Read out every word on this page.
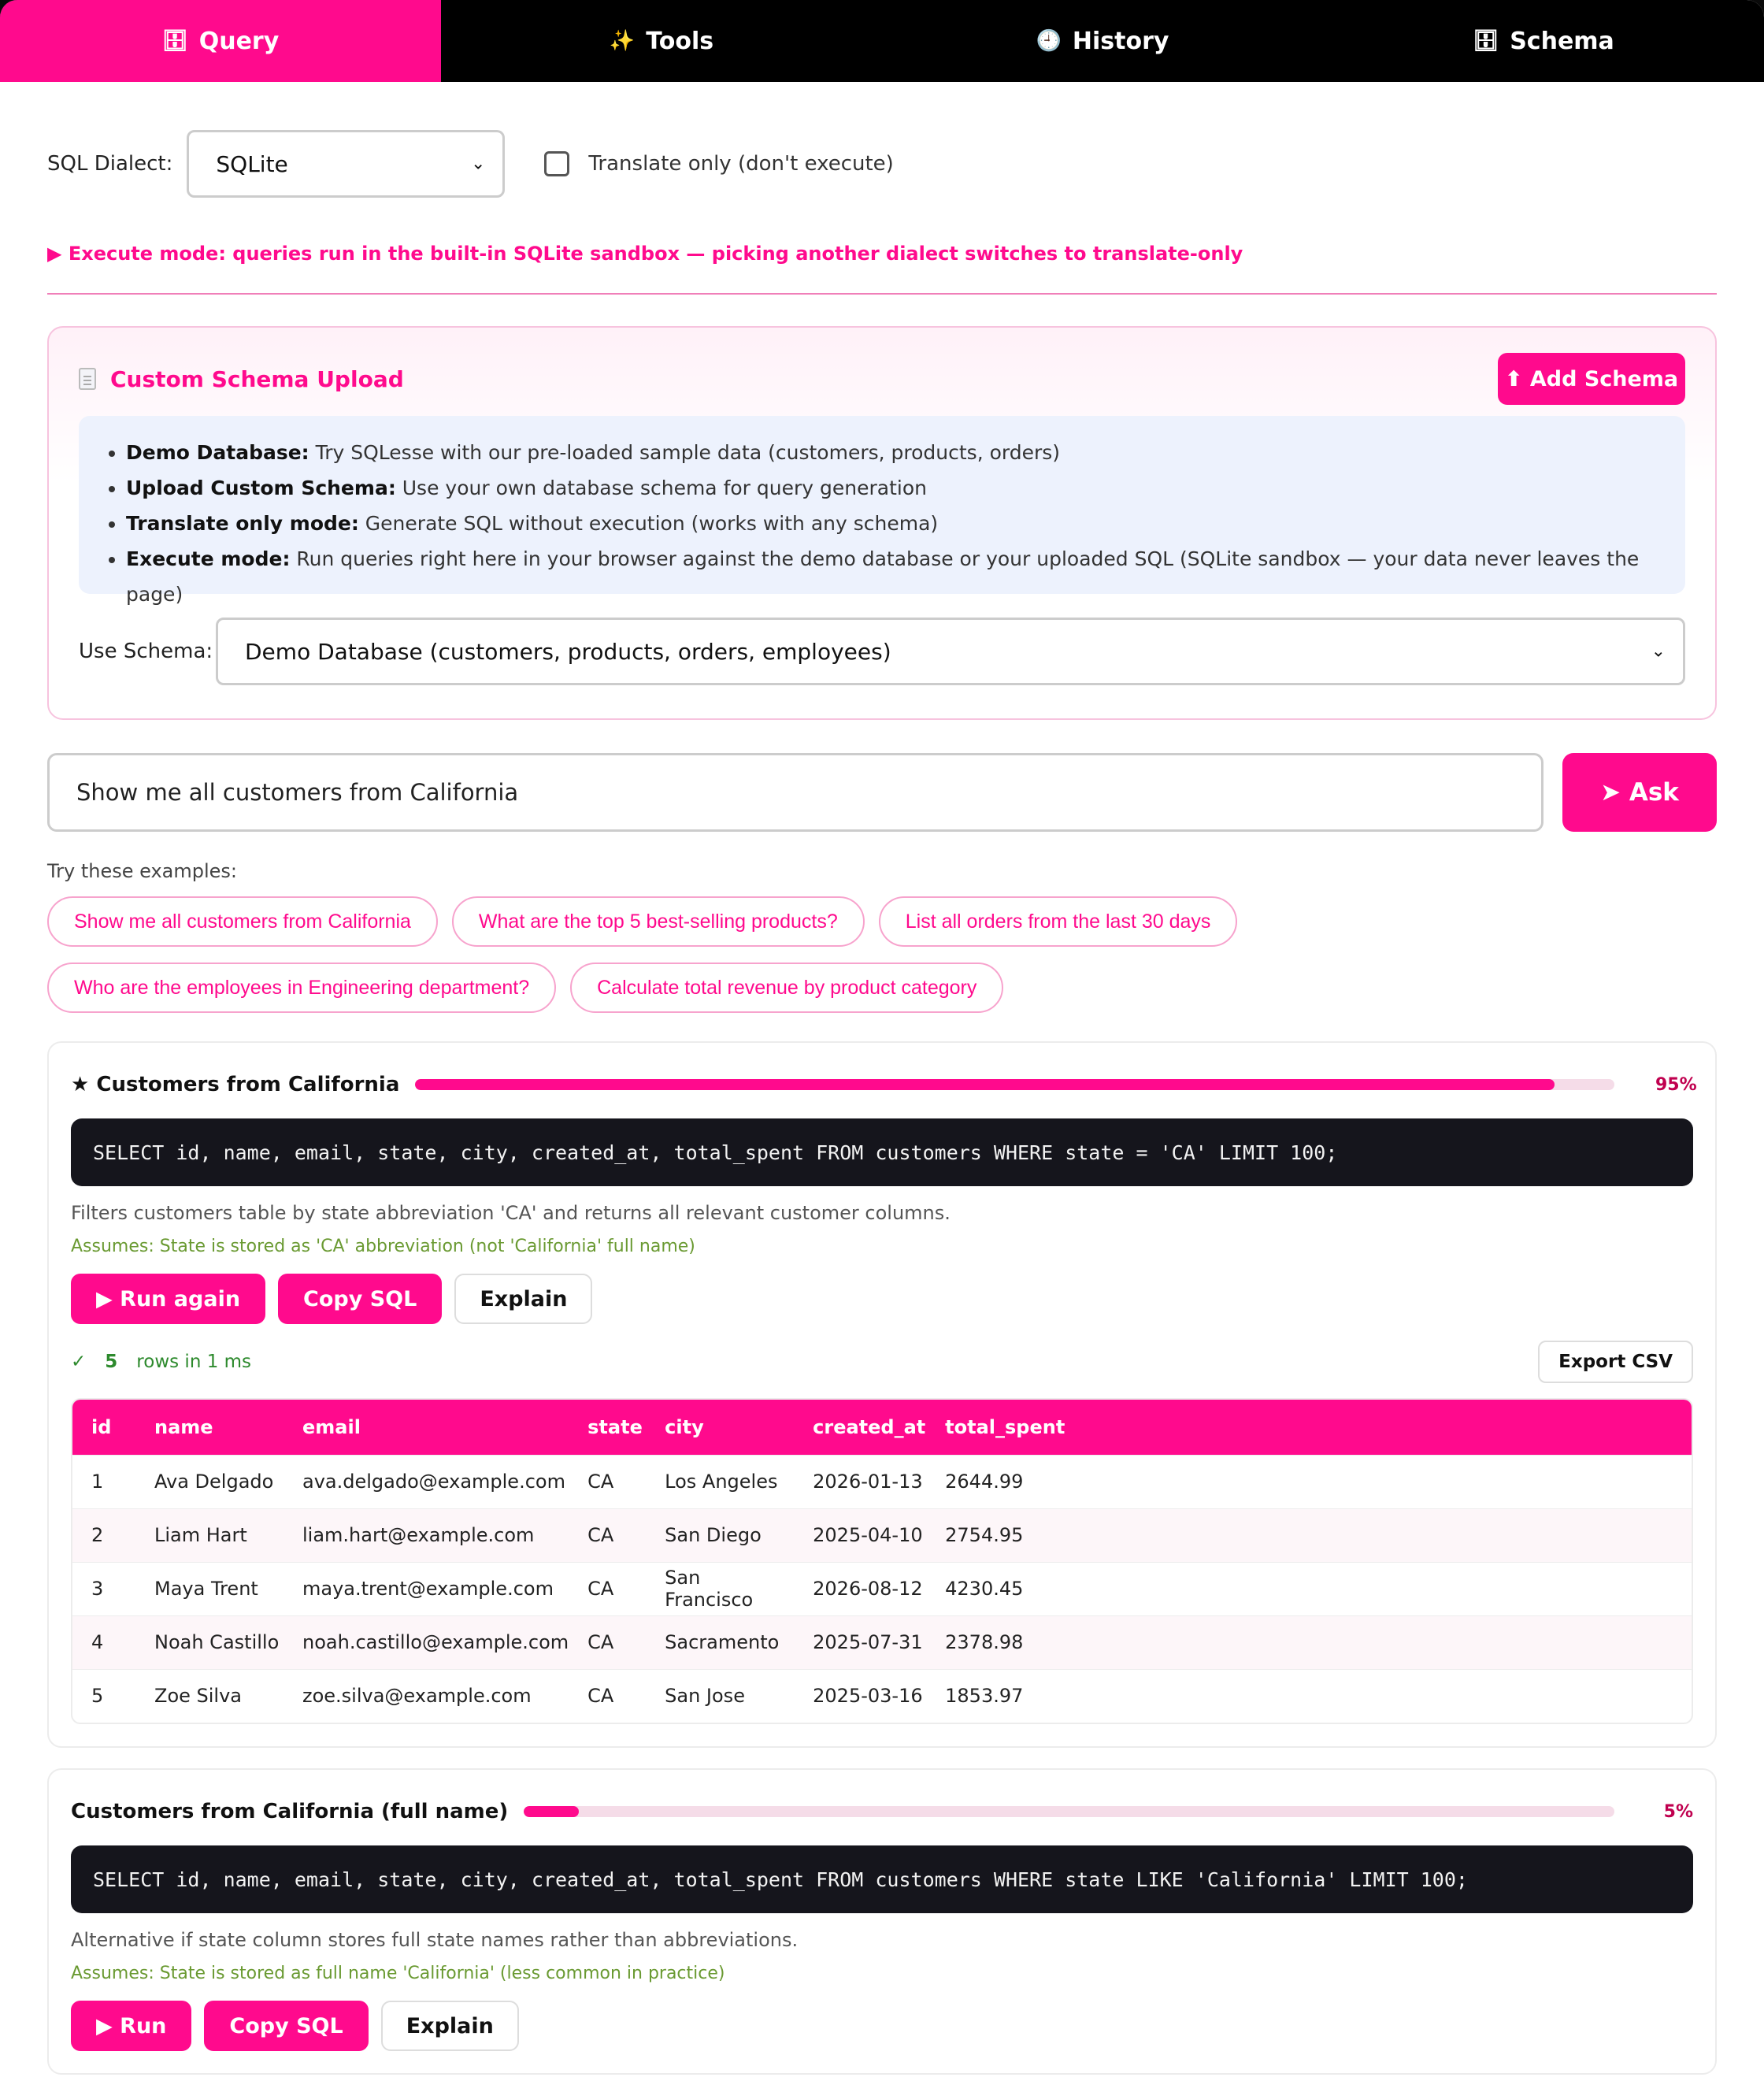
🗄 Query	✨ Tools	🕘 History	🗄 Schema
SQL Dialect: SQLite	⌄	Translate only (don't execute)
▶ Execute mode: queries run in the built-in SQLite sandbox — picking another dialect switches to translate-only
Custom Schema Upload	⬆ Add Schema
• Demo Database: Try SQLesse with our pre-loaded sample data (customers, products, orders)
• Upload Custom Schema: Use your own database schema for query generation
• Translate only mode: Generate SQL without execution (works with any schema)
• Execute mode: Run queries right here in your browser against the demo database or your uploaded SQL (SQLite sandbox — your data never leaves the page)
Use Schema: Demo Database (customers, products, orders, employees)	⌄
Show me all customers from California	➤ Ask
Try these examples:
Show me all customers from California	What are the top 5 best-selling products?	List all orders from the last 30 days
Who are the employees in Engineering department?	Calculate total revenue by product category
★ Customers from California	95%
SELECT id, name, email, state, city, created_at, total_spent FROM customers WHERE state = 'CA' LIMIT 100;
Filters customers table by state abbreviation 'CA' and returns all relevant customer columns.
Assumes: State is stored as 'CA' abbreviation (not 'California' full name)
▶ Run again	Copy SQL	Explain
✓ 5 rows in 1 ms	Export CSV
id	name	email	state	city	created_at	total_spent
1	Ava Delgado	ava.delgado@example.com	CA	Los Angeles	2026-01-13	2644.99
2	Liam Hart	liam.hart@example.com	CA	San Diego	2025-04-10	2754.95
3	Maya Trent	maya.trent@example.com	CA	San Francisco	2026-08-12	4230.45
4	Noah Castillo	noah.castillo@example.com	CA	Sacramento	2025-07-31	2378.98
5	Zoe Silva	zoe.silva@example.com	CA	San Jose	2025-03-16	1853.97
Customers from California (full name)	5%
SELECT id, name, email, state, city, created_at, total_spent FROM customers WHERE state LIKE 'California' LIMIT 100;
Alternative if state column stores full state names rather than abbreviations.
Assumes: State is stored as full name 'California' (less common in practice)
▶ Run	Copy SQL	Explain
